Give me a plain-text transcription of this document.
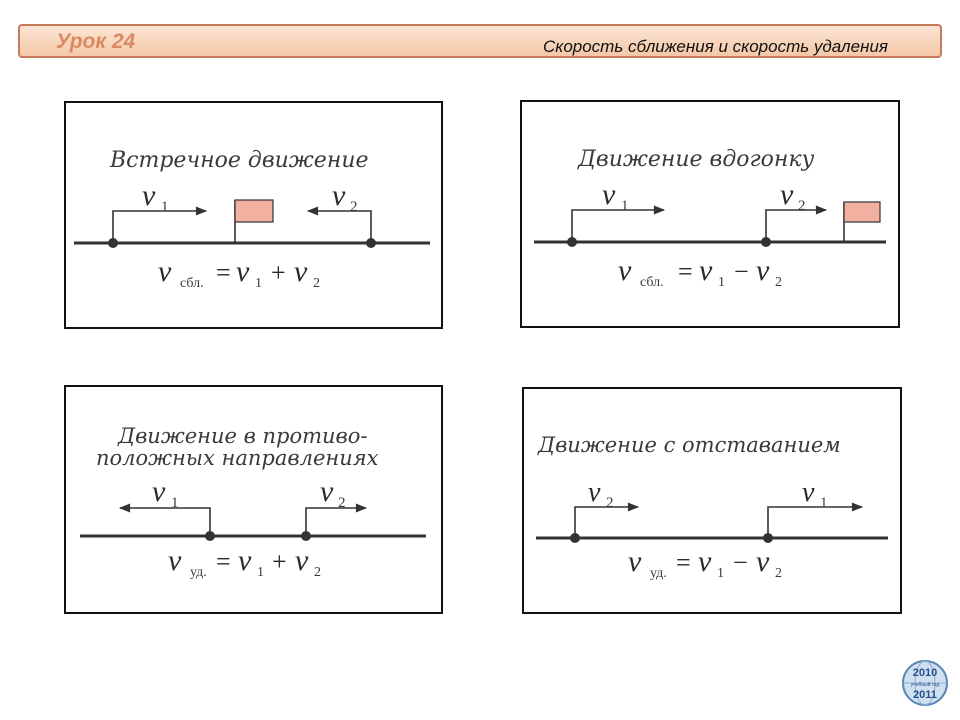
Урок 24	Скорость сближения и скорость удаления
Встречное движение
v 1	v 2
v сбл. = v 1 + v 2
Движение вдогонку
v 1	v 2
v сбл. = v 1 − v 2
Движение в противо-
положных направлениях
v 1	v 2
v уд. = v 1 + v 2
Движение с отставанием
v 2	v 1
v уд. = v 1 − v 2
2010
учебный год
2011
